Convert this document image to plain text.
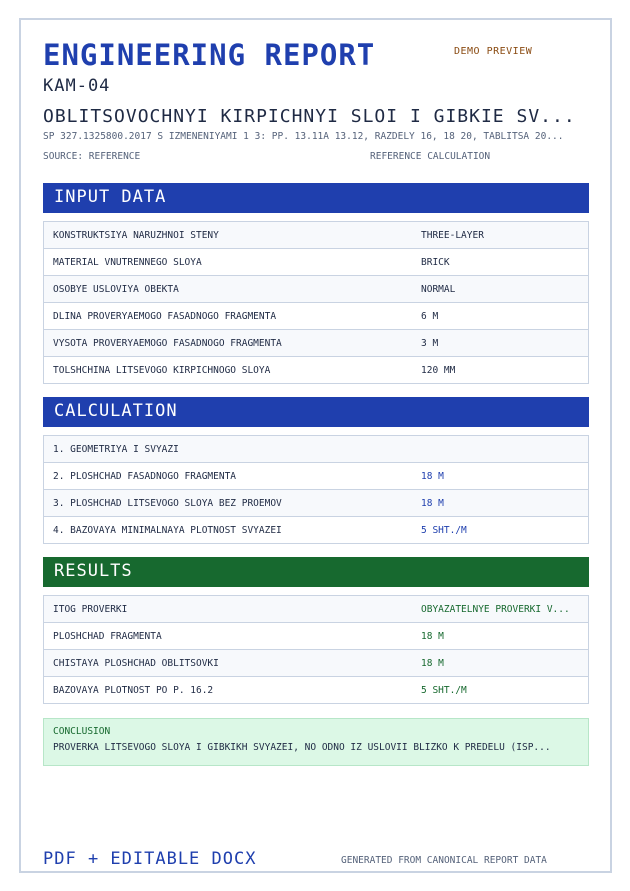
ENGINEERING REPORT	DEMO PREVIEW
KAM-04
OBLITSOVOCHNYI KIRPICHNYI SLOI I GIBKIE SV...
SP 327.1325800.2017 S IZMENENIYAMI 1 3: PP. 13.11A 13.12, RAZDELY 16, 18 20, TABLITSA 20...
SOURCE: REFERENCE	REFERENCE CALCULATION
INPUT DATA
KONSTRUKTSIYA NARUZHNOI STENY	THREE-LAYER
MATERIAL VNUTRENNEGO SLOYA	BRICK
OSOBYE USLOVIYA OBEKTA	NORMAL
DLINA PROVERYAEMOGO FASADNOGO FRAGMENTA	6 M
VYSOTA PROVERYAEMOGO FASADNOGO FRAGMENTA	3 M
TOLSHCHINA LITSEVOGO KIRPICHNOGO SLOYA	120 MM
CALCULATION
1. GEOMETRIYA I SVYAZI
2. PLOSHCHAD FASADNOGO FRAGMENTA	18 M
3. PLOSHCHAD LITSEVOGO SLOYA BEZ PROEMOV	18 M
4. BAZOVAYA MINIMALNAYA PLOTNOST SVYAZEI	5 SHT./M
RESULTS
ITOG PROVERKI	OBYAZATELNYE PROVERKI V...
PLOSHCHAD FRAGMENTA	18 M
CHISTAYA PLOSHCHAD OBLITSOVKI	18 M
BAZOVAYA PLOTNOST PO P. 16.2	5 SHT./M
CONCLUSION
PROVERKA LITSEVOGO SLOYA I GIBKIKH SVYAZEI, NO ODNO IZ USLOVII BLIZKO K PREDELU (ISP...
PDF + EDITABLE DOCX	GENERATED FROM CANONICAL REPORT DATA
